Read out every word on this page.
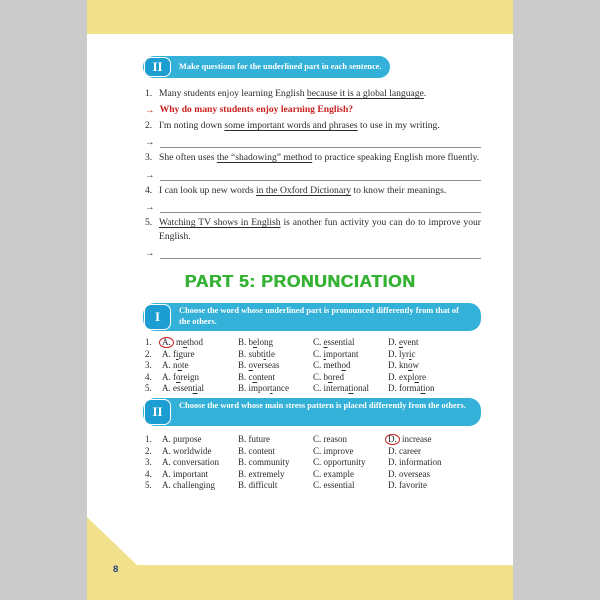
II	Make questions for the underlined part in each sentence.
1. Many students enjoy learning English because it is a global language.
→ Why do many students enjoy learning English?
2. I'm noting down some important words and phrases to use in my writing.
→
3. She often uses the “shadowing” method to practice speaking English more fluently.
→
4. I can look up new words in the Oxford Dictionary to know their meanings.
→
5. Watching TV shows in English is another fun activity you can do to improve your English.
→
PART 5: PRONUNCIATION
I	Choose the word whose underlined part is pronounced differently from that of the others.
1.	A. method	B. belong	C. essential	D. event
2.	A. figure	B. subtitle	C. important	D. lyric
3.	A. note	B. overseas	C. method	D. know
4.	A. foreign	B. content	C. bored	D. explore
5.	A. essential	B. importance	C. international	D. formation
II	Choose the word whose main stress pattern is placed differently from the others.
1.	A. purpose	B. future	C. reason	D. increase
2.	A. worldwide	B. content	C. improve	D. career
3.	A. conversation	B. community	C. opportunity	D. information
4.	A. important	B. extremely	C. example	D. overseas
5.	A. challenging	B. difficult	C. essential	D. favorite
8
